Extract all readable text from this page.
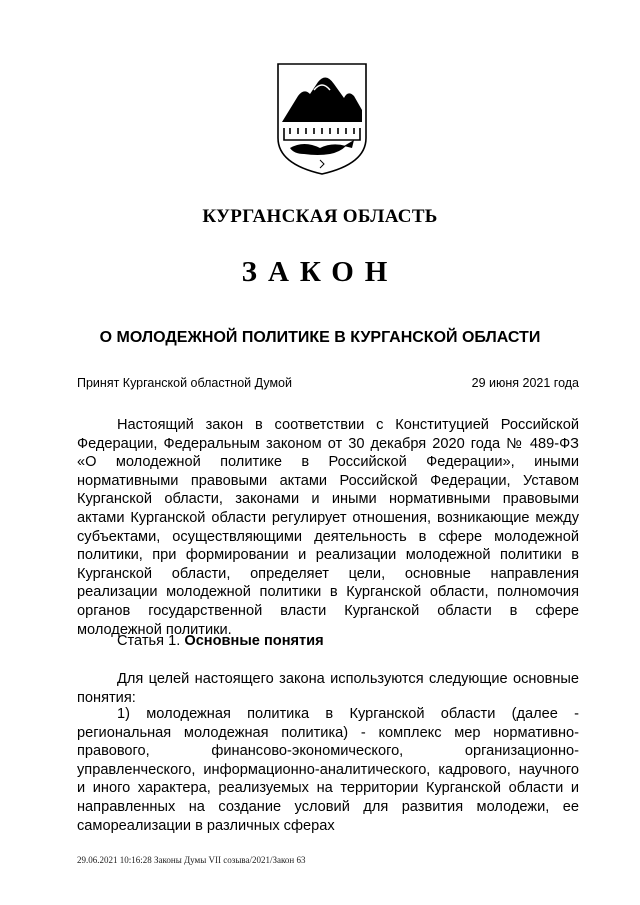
КУРГАНСКАЯ ОБЛАСТЬ
ЗАКОН
О МОЛОДЕЖНОЙ ПОЛИТИКЕ В КУРГАНСКОЙ ОБЛАСТИ
Принят Курганской областной Думой	29 июня 2021 года

Настоящий закон в соответствии с Конституцией Российской Федерации, Федеральным законом от 30 декабря 2020 года № 489-ФЗ «О молодежной политике в Российской Федерации», иными нормативными правовыми актами Российской Федерации, Уставом Курганской области, законами и иными нормативными правовыми актами Курганской области регулирует отношения, возникающие между субъектами, осуществляющими деятельность в сфере молодежной политики, при формировании и реализации молодежной политики в Курганской области, определяет цели, основные направления реализации молодежной политики в Курганской области, полномочия органов государственной власти Курганской области в сфере молодежной политики.

Статья 1. Основные понятия

Для целей настоящего закона используются следующие основные понятия:

1) молодежная политика в Курганской области (далее - региональная молодежная политика) - комплекс мер нормативно-правового, финансово-экономического, организационно-управленческого, информационно-аналитического, кадрового, научного и иного характера, реализуемых на территории Курганской области и направленных на создание условий для развития молодежи, ее самореализации в различных сферах

29.06.2021 10:16:28 Законы Думы VII созыва/2021/Закон 63
